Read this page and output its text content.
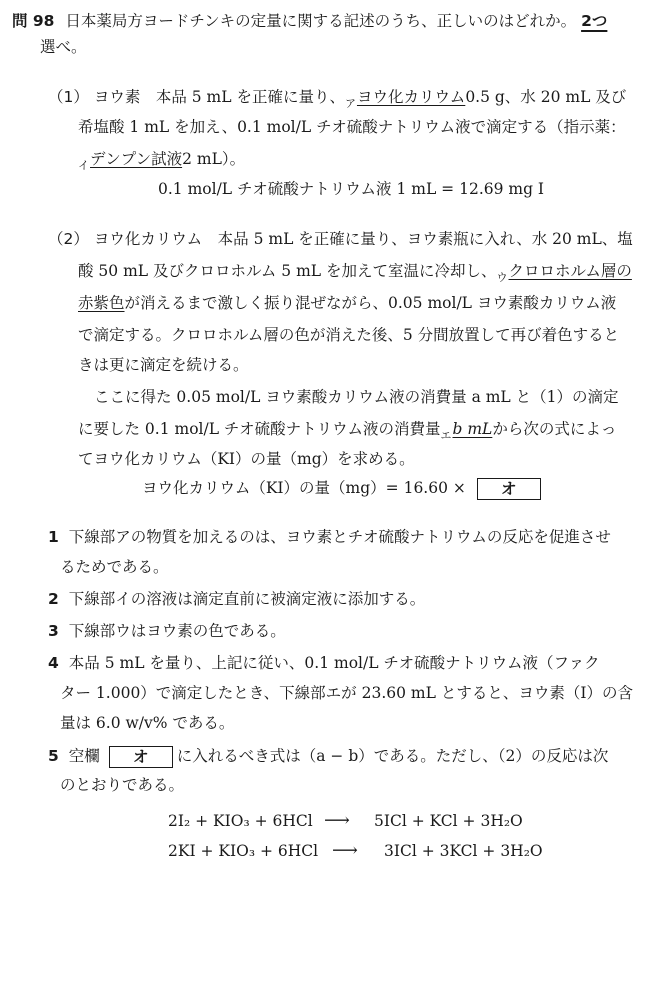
問 98 日本薬局方ヨードチンキの定量に関する記述のうち、正しいのはどれか。 2つ
選べ。
（1） ヨウ素　本品 5 mL を正確に量り、$_ア$ヨウ化カリウム0.5 g、水 20 mL 及び
希塩酸 1 mL を加え、0.1 mol/L チオ硫酸ナトリウム液で滴定する（指示薬：
$_イ$デンプン試液2 mL）。
0.1 mol/L チオ硫酸ナトリウム液 1 mL = 12.69 mg I
（2） ヨウ化カリウム　本品 5 mL を正確に量り、ヨウ素瓶に入れ、水 20 mL、塩
酸 50 mL 及びクロロホルム 5 mL を加えて室温に冷却し、$_ウ$クロロホルム層の
赤紫色が消えるまで激しく振り混ぜながら、0.05 mol/L ヨウ素酸カリウム液
で滴定する。クロロホルム層の色が消えた後、5 分間放置して再び着色すると
きは更に滴定を続ける。
ここに得た 0.05 mol/L ヨウ素酸カリウム液の消費量 a mL と（1）の滴定
に要した 0.1 mol/L チオ硫酸ナトリウム液の消費量$_エ$b mLから次の式によっ
てヨウ化カリウム（KI）の量（mg）を求める。
ヨウ化カリウム（KI）の量（mg）= 16.60 × オ
1 下線部アの物質を加えるのは、ヨウ素とチオ硫酸ナトリウムの反応を促進させ
るためである。
2 下線部イの溶液は滴定直前に被滴定液に添加する。
3 下線部ウはヨウ素の色である。
4 本品 5 mL を量り、上記に従い、0.1 mol/L チオ硫酸ナトリウム液（ファク
ター 1.000）で滴定したとき、下線部エが 23.60 mL とすると、ヨウ素（I）の含
量は 6.0 w/v% である。
5 空欄 オ に入れるべき式は（a − b）である。ただし、（2）の反応は次
のとおりである。
2I₂ + KIO₃ + 6HCl ⟶ 5ICl + KCl + 3H₂O
2KI + KIO₃ + 6HCl ⟶ 3ICl + 3KCl + 3H₂O
